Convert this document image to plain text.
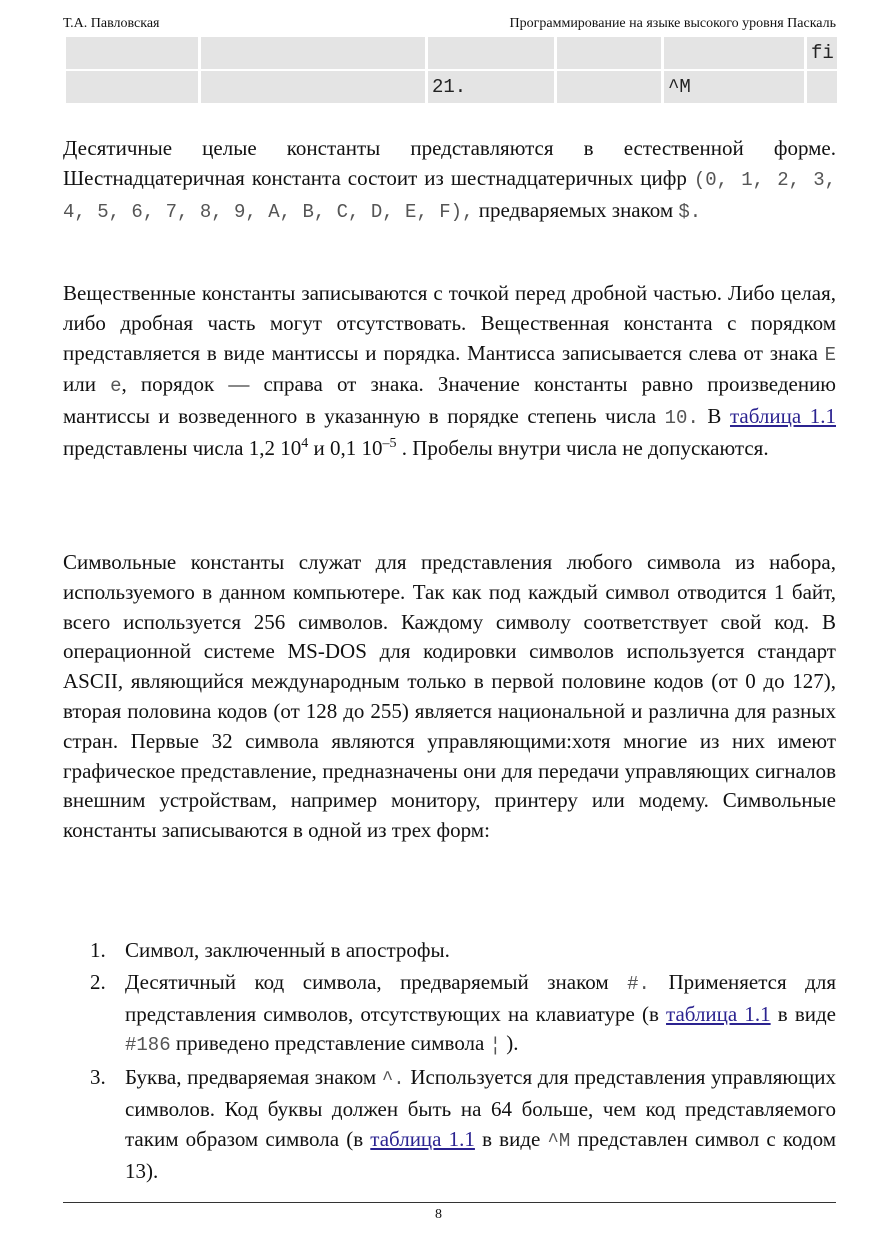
Т.А. Павловская	Программирование на языке высокого уровня Паскаль
fi
21.	^M

Десятичные целые константы представляются в естественной форме. Шестнадцатеричная константа состоит из шестнадцатеричных цифр (0, 1, 2, 3, 4, 5, 6, 7, 8, 9, A, B, C, D, E, F), предваряемых знаком $.

Вещественные константы записываются с точкой перед дробной частью. Либо целая, либо дробная часть могут отсутствовать. Вещественная константа с порядком представляется в виде мантиссы и порядка. Мантисса записывается слева от знака E или e, порядок — справа от знака. Значение константы равно произведению мантиссы и возведенного в указанную в порядке степень числа 10. В таблица 1.1 представлены числа 1,2 $10^4$ и 0,1 $10^{-5}$ . Пробелы внутри числа не допускаются.

Символьные константы служат для представления любого символа из набора, используемого в данном компьютере. Так как под каждый символ отводится 1 байт, всего используется 256 символов. Каждому символу соответствует свой код. В операционной системе MS-DOS для кодировки символов используется стандарт ASCII, являющийся международным только в первой половине кодов (от 0 до 127), вторая половина кодов (от 128 до 255) является национальной и различна для разных стран. Первые 32 символа являются управляющими:хотя многие из них имеют графическое представление, предназначены они для передачи управляющих сигналов внешним устройствам, например монитору, принтеру или модему. Символьные константы записываются в одной из трех форм:

1. Символ, заключенный в апострофы.
2. Десятичный код символа, предваряемый знаком #. Применяется для представления символов, отсутствующих на клавиатуре (в таблица 1.1 в виде #186 приведено представление символа ¦ ).
3. Буква, предваряемая знаком ^. Используется для представления управляющих символов. Код буквы должен быть на 64 больше, чем код представляемого таким образом символа (в таблица 1.1 в виде ^M представлен символ с кодом 13).
8
